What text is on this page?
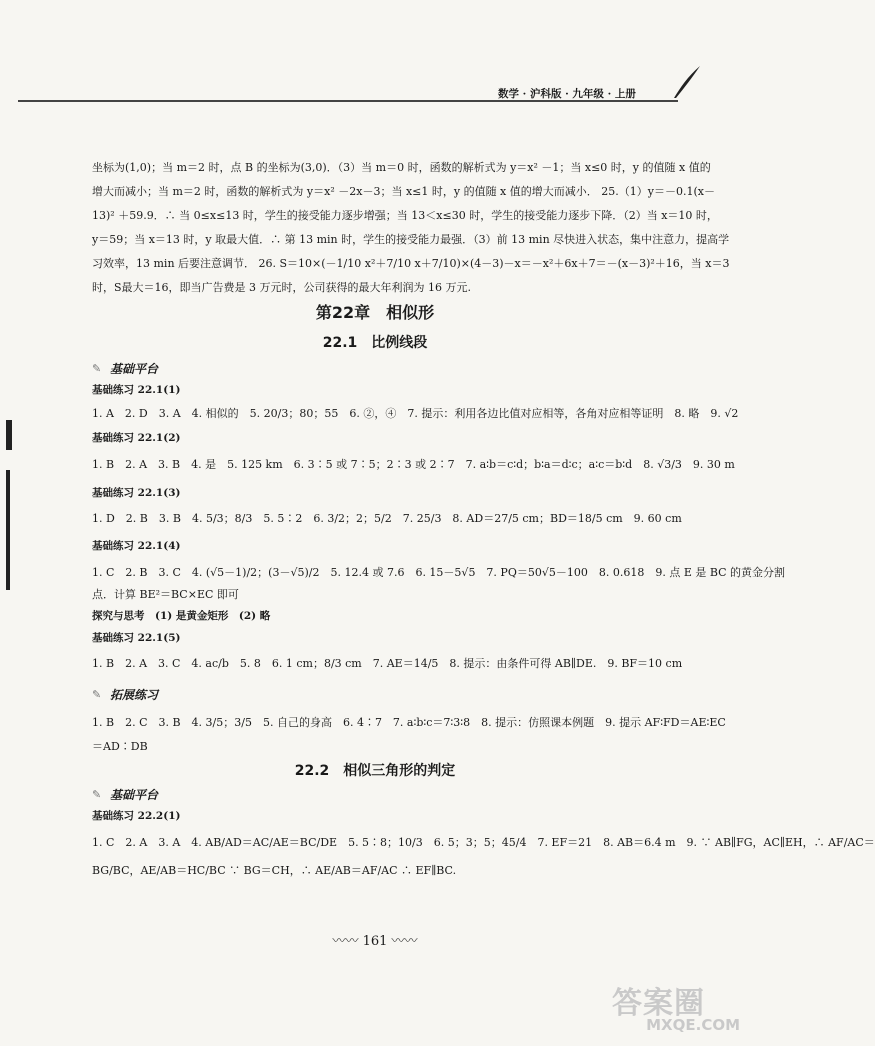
数学 · 沪科版 · 九年级 · 上册
坐标为(1,0)；当 m＝2 时，点 B 的坐标为(3,0)．（3）当 m＝0 时，函数的解析式为 y＝x² －1；当 x≤0 时，y 的值随 x 值的
增大而减小；当 m＝2 时，函数的解析式为 y＝x² －2x－3；当 x≤1 时，y 的值随 x 值的增大而减小． 25.（1）y＝－0.1(x－
13)² ＋59.9．∴ 当 0≤x≤13 时，学生的接受能力逐步增强；当 13＜x≤30 时，学生的接受能力逐步下降．（2）当 x＝10 时，
y＝59；当 x＝13 时，y 取最大值．∴ 第 13 min 时，学生的接受能力最强．（3）前 13 min 尽快进入状态，集中注意力，提高学
习效率，13 min 后要注意调节． 26. S＝10×(－1/10 x²＋7/10 x＋7/10)×(4－3)－x＝－x²＋6x＋7＝－(x－3)²＋16，当 x＝3
时，S最大＝16，即当广告费是 3 万元时，公司获得的最大年利润为 16 万元.
第22章　相似形
22.1　比例线段
✎ 基础平台
基础练习 22.1(1)
1. A　2. D　3. A　4. 相似的　5. 20/3；80；55　6. ②，④　7. 提示：利用各边比值对应相等，各角对应相等证明　8. 略　9. √2
基础练习 22.1(2)
1. B　2. A　3. B　4. 是　5. 125 km　6. 3∶5 或 7∶5；2∶3 或 2∶7　7. a∶b＝c∶d；b∶a＝d∶c；a∶c＝b∶d　8. √3/3　9. 30 m
基础练习 22.1(3)
1. D　2. B　3. B　4. 5/3；8/3　5. 5∶2　6. 3/2；2；5/2　7. 25/3　8. AD＝27/5 cm；BD＝18/5 cm　9. 60 cm
基础练习 22.1(4)
1. C　2. B　3. C　4. (√5－1)/2；(3－√5)/2　5. 12.4 或 7.6　6. 15－5√5　7. PQ＝50√5－100　8. 0.618　9. 点 E 是 BC 的黄金分割
点．计算 BE²＝BC×EC 即可
探究与思考　(1) 是黄金矩形　(2) 略
基础练习 22.1(5)
1. B　2. A　3. C　4. ac/b　5. 8　6. 1 cm；8/3 cm　7. AE＝14/5　8. 提示：由条件可得 AB∥DE.　9. BF＝10 cm
✎ 拓展练习
1. B　2. C　3. B　4. 3/5；3/5　5. 自己的身高　6. 4∶7　7. a∶b∶c＝7∶3∶8　8. 提示：仿照课本例题　9. 提示 AF∶FD＝AE∶EC
＝AD∶DB
22.2　相似三角形的判定
✎ 基础平台
基础练习 22.2(1)
1. C　2. A　3. A　4. AB/AD＝AC/AE＝BC/DE　5. 5∶8；10/3　6. 5；3；5；45/4　7. EF＝21　8. AB＝6.4 m　9. ∵ AB∥FG，AC∥EH，∴ AF/AC＝
BG/BC，AE/AB＝HC/BC ∵ BG＝CH，∴ AE/AB＝AF/AC ∴ EF∥BC.
〰〰 161 〰〰
答案圈
MXQE.COM
